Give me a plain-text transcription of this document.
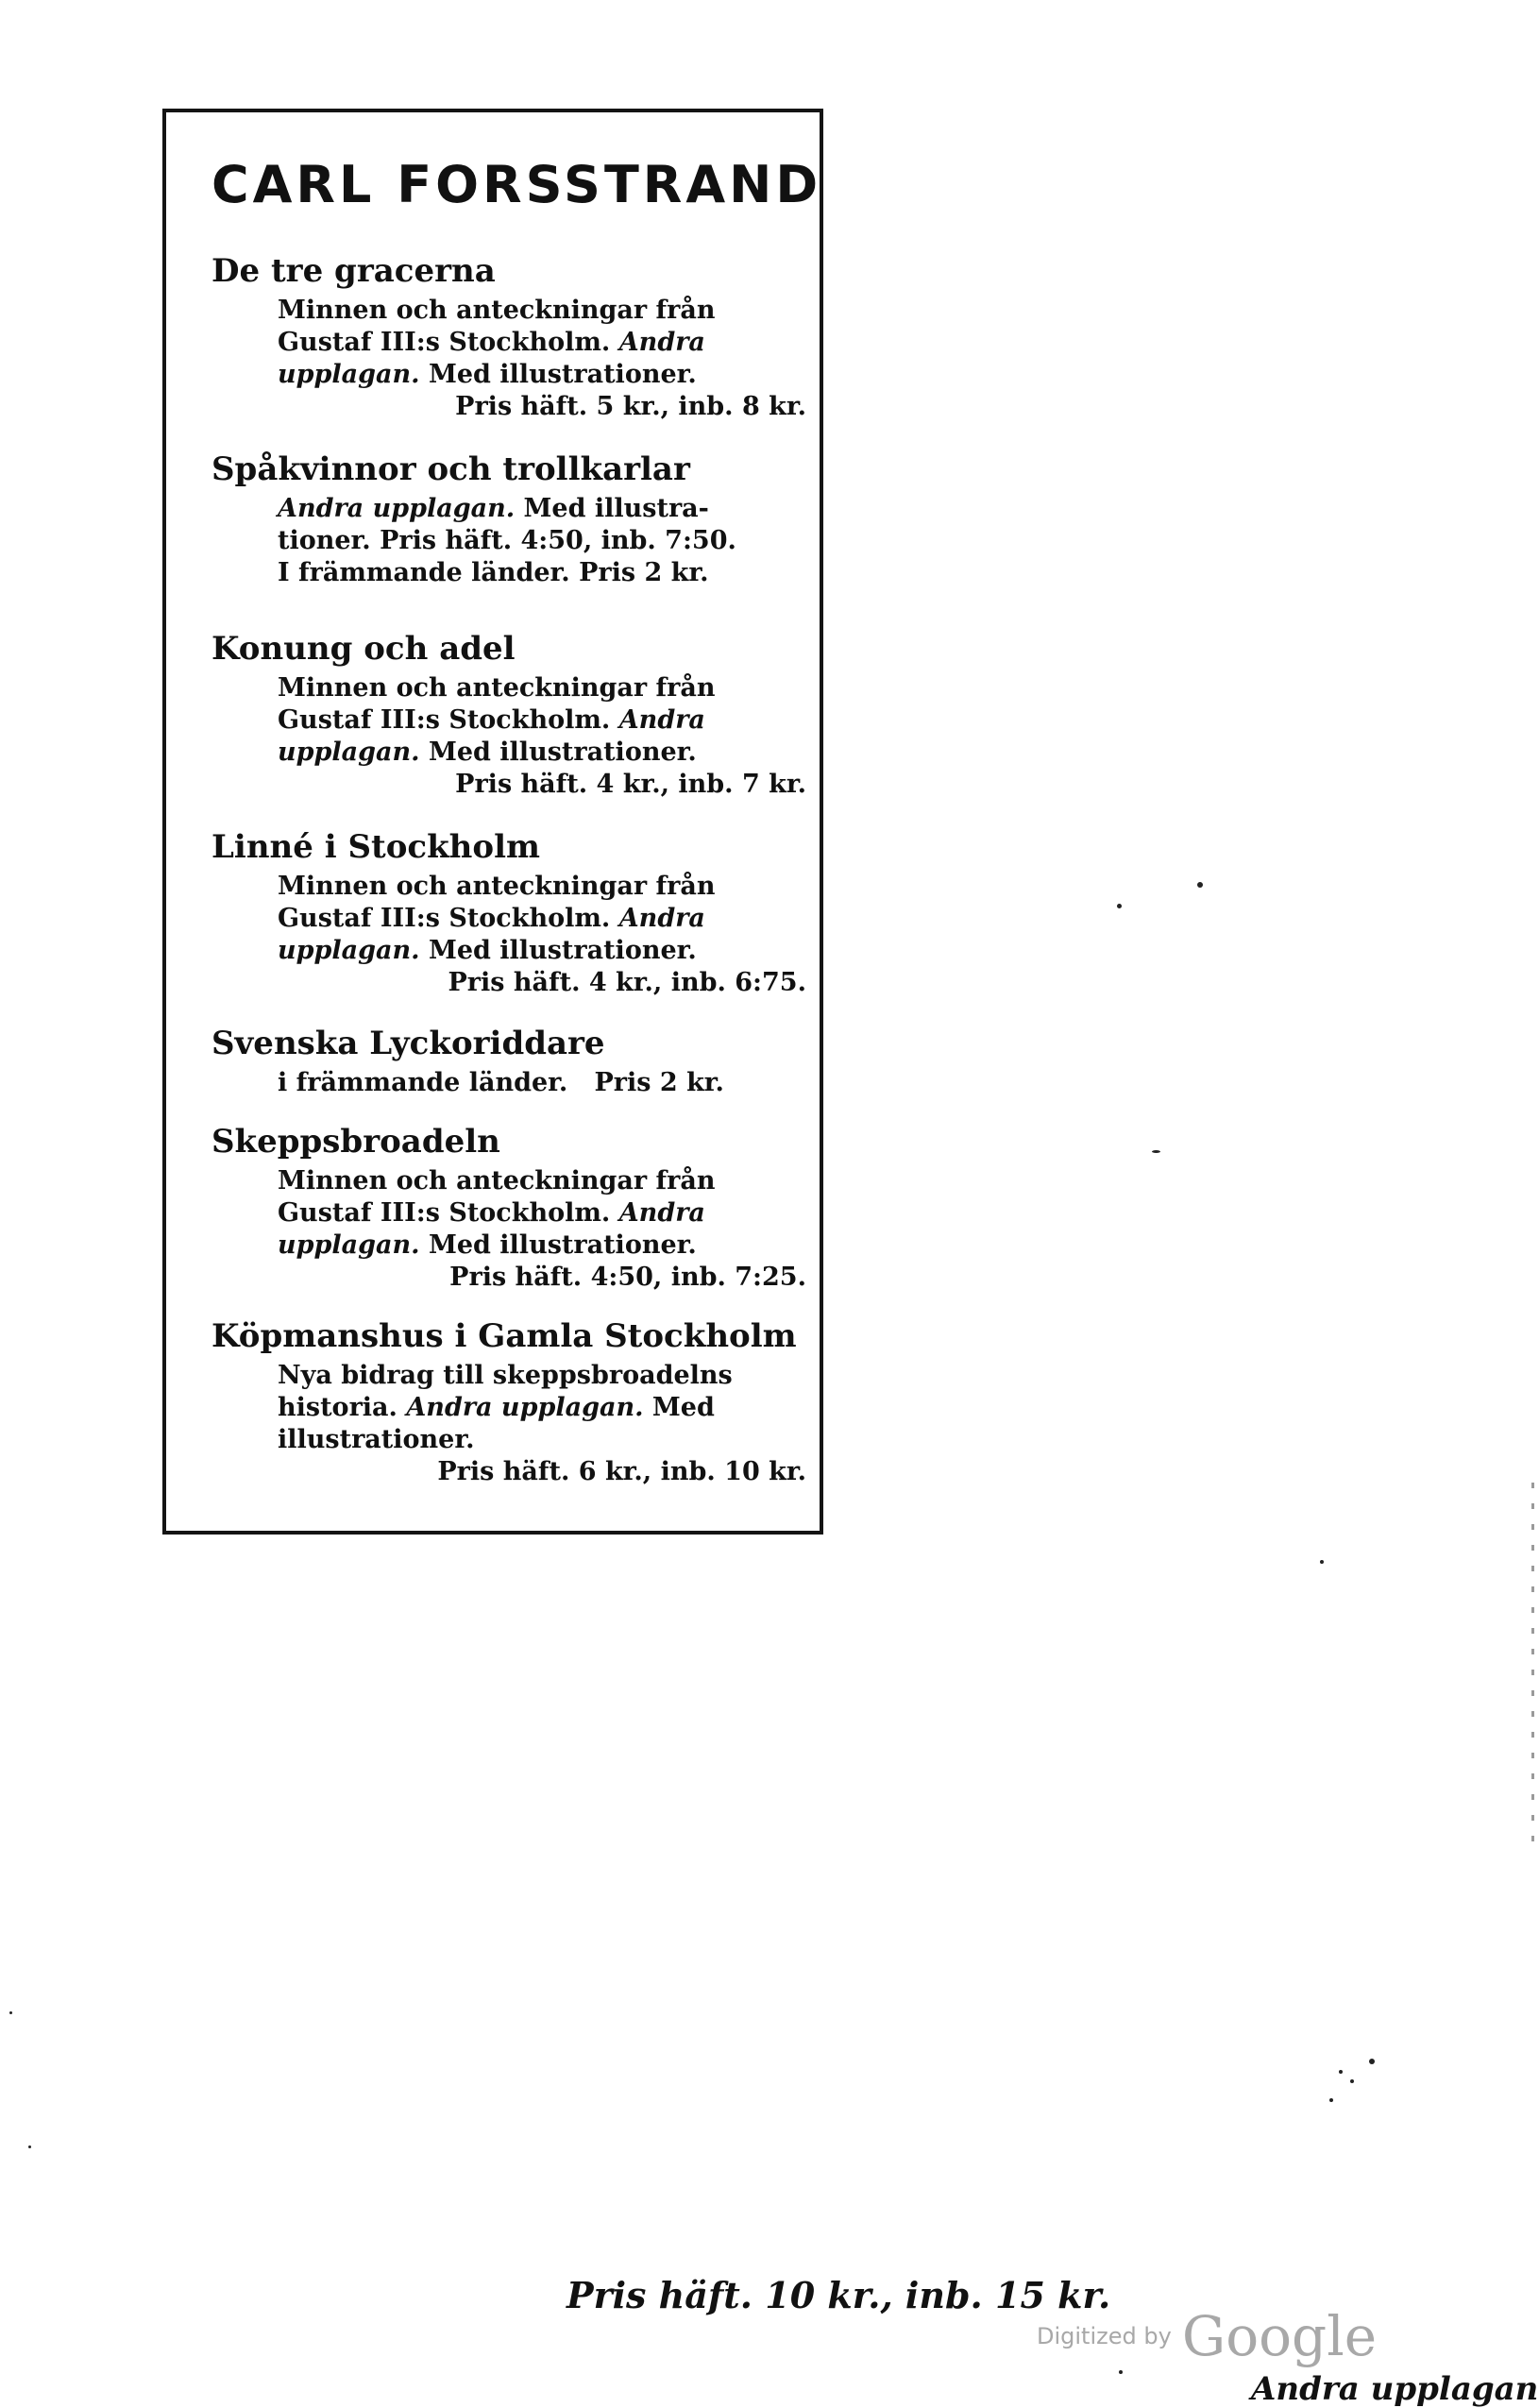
CARL FORSSTRAND
De tre gracerna
Minnen och anteckningar från
Gustaf III:s Stockholm. Andra
upplagan. Med illustrationer.
Pris häft. 5 kr., inb. 8 kr.
Spåkvinnor och trollkarlar
Andra upplagan. Med illustra-
tioner. Pris häft. 4:50, inb. 7:50.
I främmande länder. Pris 2 kr.
Konung och adel
Minnen och anteckningar från
Gustaf III:s Stockholm. Andra
upplagan. Med illustrationer.
Pris häft. 4 kr., inb. 7 kr.
Linné i Stockholm
Minnen och anteckningar från
Gustaf III:s Stockholm. Andra
upplagan. Med illustrationer.
Pris häft. 4 kr., inb. 6:75.
Svenska Lyckoriddare
i främmande länder. Pris 2 kr.
Skeppsbroadeln
Minnen och anteckningar från
Gustaf III:s Stockholm. Andra
upplagan. Med illustrationer.
Pris häft. 4:50, inb. 7:25.
Köpmanshus i Gamla Stockholm
Nya bidrag till skeppsbroadelns
historia. Andra upplagan. Med
illustrationer.
Pris häft. 6 kr., inb. 10 kr.
Pris häft. 10 kr., inb. 15 kr.
Digitized by Google
Andra upplagan
